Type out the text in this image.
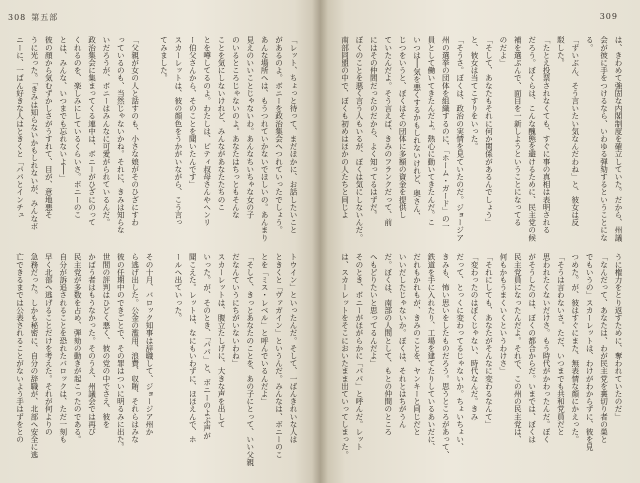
308 第五部
「レット、ちょっと待って、まだほかに、お話したいこと
があるのよ。ボニーを政治集会へつれていったでしょう。
あんな場所へは、もうつれていかないでほしいの。あんまり
見えのいいことじゃないわ。あんなちいちゃな女の子
のいるところじゃないのよ。あなたはちっともそんな
ことを気にしないけれど、みんながあなたたちのこ
とを噂してるのよ。わたしは、ピティ叔母さんやヘンリ
ー伯父さんから、そのことを聞いたんです」
スカーレットは、彼の顔色をうかがいながら、こう言っ
てみました。
「父親が女の人と話すのも、小さな娘がそのひざにすわ
っているのも、当然じゃないかね。それに、きみは知らな
いだろうが、ボニーはみんなに可愛がられているんだ。
政治集会に集まってくる連中は、ボニーがひざにのって
くれるのを、楽しみにしているくらいさ。ボニーのこ
とは、みんな、いつまでも忘れないよ──」
彼の顔から気むずかしさがうすれて、目が、意地悪そ
うに光った。「きみは知らないかもしれないが、みんなボ
ニーに、一ばん好きな人はときくと「パパとインチュ
トウイン」といったんだ。そして、一ばんきれいな人は
ときくと「ヴァガイン」というんだ。みんなは、ボニーのこ
とを「ミス・レベル」と呼んでいるんだよ」
「そして、きっとあなたのことを、あの子にとって、いい父親
だなんていうにちがいないわね」
スカーレットは、腹立たしげに、大きな声を出して
いった。が、そのとき、「パパ」と、ボニーのよぶ声が
聞こえた。レットは、なにもいわずに、ほほえんで、ホ
ールへ出ていった。
その十月、バロック知事は辞職して、ジョージア州か
ら逃げ出した。公金の濫用、浪費、収賄、それらはみな
彼の任期中のできごとで、その罪はついに明るみに出た。
世間の評判はひどく悪く、彼の党の中でさえ、彼を
かばう者はもうなかった。そのうえ、州議会では再び
民主党が多数を占め、弾劾の動きが起こったのである。
自分が訴追されることを恐れたバロックは、ただ一刻も
早く北部へ逃げることだけを考えた。それが何よりの
急務だった。しかも秘密に、自分の辞職が、北部へ安全に逃
亡できるまでは公表されることがないよう手はずをとの
309
は、きわめて強固な内閣制度を確立していた。だから、州議
会が彼に手をつけるなら、いわゆる弾劾するということにな
る。
「ずいぶん、そう言いたい気なんだわね」と、彼女は反
駁した。
「たとえ投票されなくても、すぐに事の真相は表明される
だろう。ぼくらは、こんな醜態を避けるために、民主党の候
補を選ぶんで、面目を一新しようということになってる
のだよ」
「そして、あなたもそれに何か関係があるんでしょう」
と、彼女は当てこすりをいった。
「そうさ。ぼくは、政治の実情を見ていたのだ。ジョージア
州の選挙の団体を組織するのに、「ホーム・ガード」の一
員として働いてきたんだよ。熱心に動いてきたんだ。こ
いつは──気を悪くするかもしれないけれど、奥さん、
じつをいうと、ぼくはその団体に多額の資金を提供し
ていたんだよ。そう言えば、きみのフランクだって、前
にはその仲間だったのだから、よく知ってるはずだ。
ぼくのことを悪く言う人もいるが、ぼくは気にしないんだ。
南部同盟の中で、ぼくも初めはほかの人たちと同じよ
うに権力をとり返すために、奪われていたのだ」
「なんだって、あなたは、わが民主党を裏切り者の巣と
でもいうの」スカーレットは、わけがわからずに、彼を見
つめた。が、彼はすぐにまた、無表情な顔にかえった。
「そうは言わないさ。ただ、いつまでも共和党員だと
思われたくないだけさ。もう時代がかわったんだ。ぼく
がそうしたのは、ぼくの都合からだ。いまでは、ぼくは
民主党員になったんだよ。それで、この州の民主党は、
何もかもうまくいくというわけさ」
「それにしても、あなたがそんなに変わるなんて」
「変わったのはぼくじゃない、時代なんだ。きみ
だって、とっくに変わってるじゃないか。ちょいちょい、
きみも、怖い思いをしたものだろう。思うところがあって、
鉄道を手に入れたり、工場を建てたりしているあいだに、
だれもかれもが、きみのことを、ヤンキーと同じだと
いいだしたじゃないか。ぼくは、それとはちがうん
だ。ぼくは、南部の人間として、もとの仲間のところ
へもどりたいと思ってるんだよ」
そのとき、ボニーがほがらかに「パパ」と呼んだ。レット
は、スカーレットをそこにおいたまま出ていってしまった。
